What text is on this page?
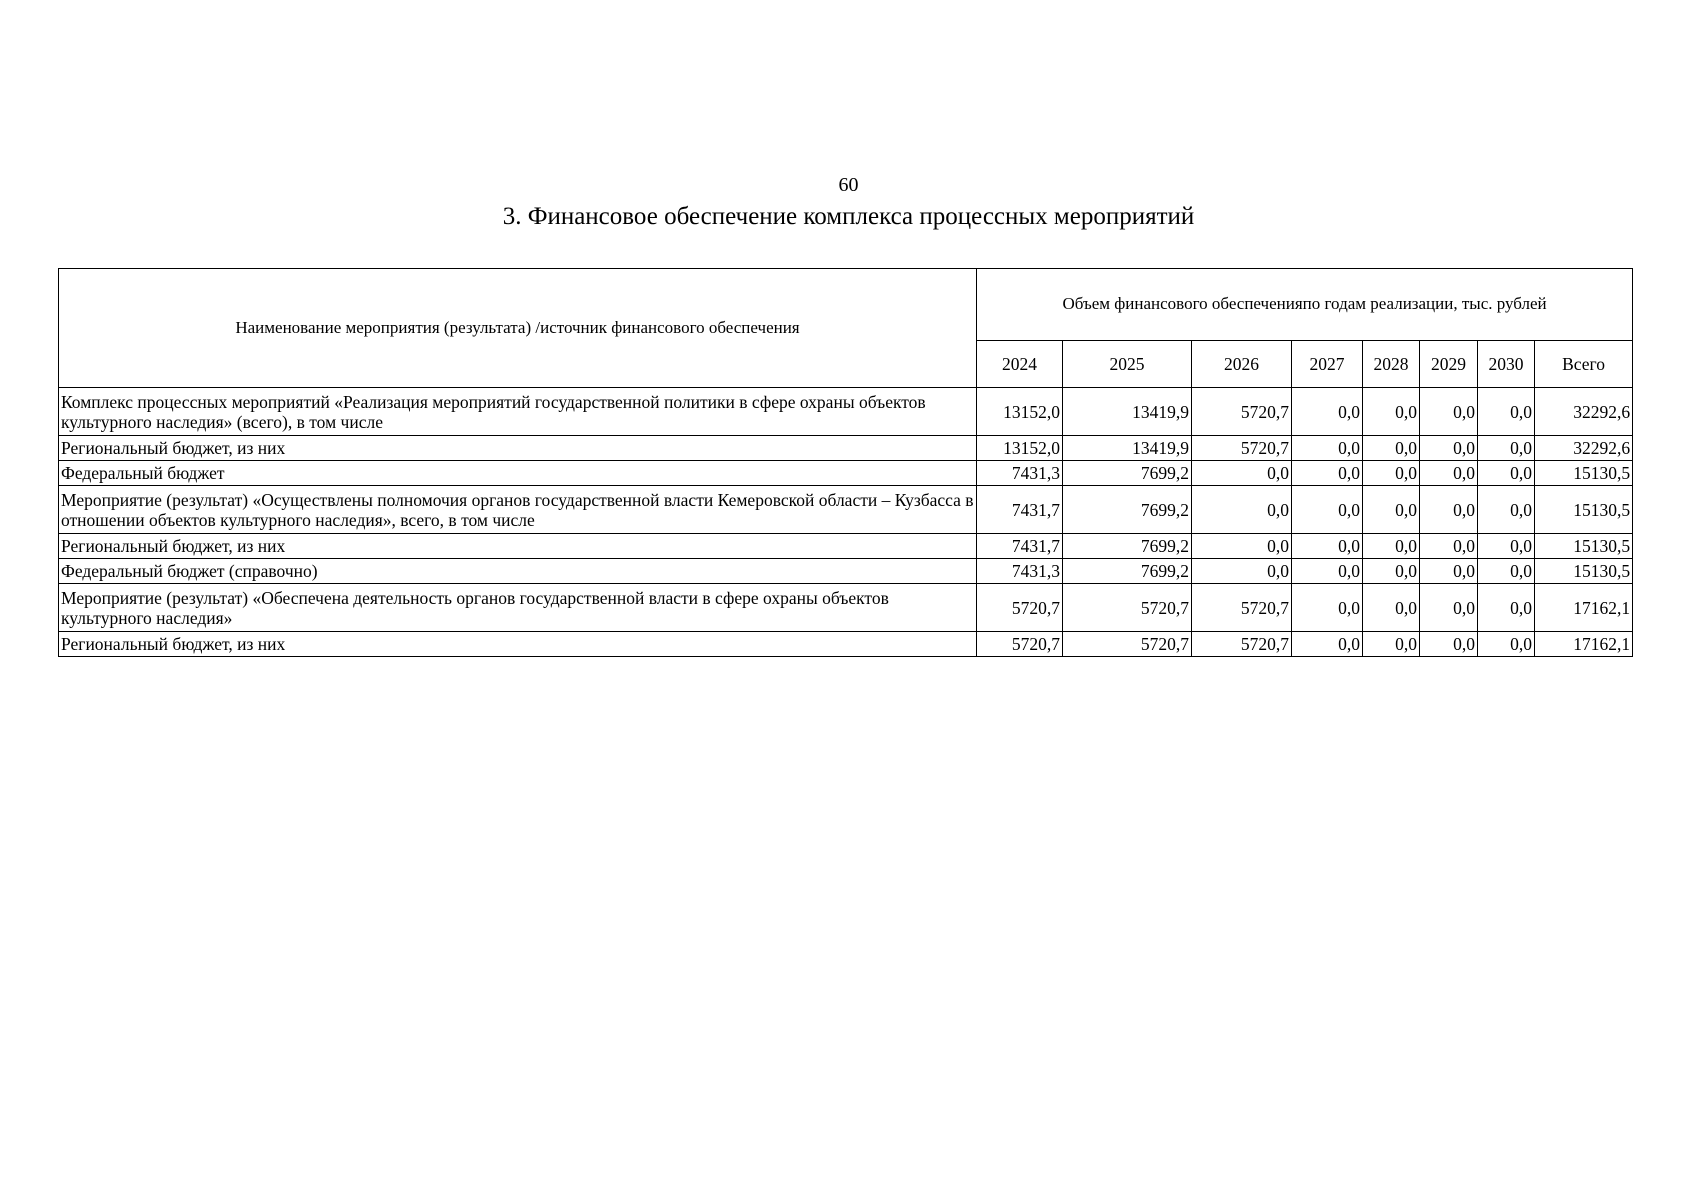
60
3. Финансовое обеспечение комплекса процессных мероприятий
Наименование мероприятия (результата) /источник финансового обеспечения	Объем финансового обеспеченияпо годам реализации, тыс. рублей							
	2024	2025	2026	2027	2028	2029	2030	Всего
Комплекс процессных мероприятий «Реализация мероприятий государственной политики в сфере охраны объектов культурного наследия» (всего), в том числе	13152,0	13419,9	5720,7	0,0	0,0	0,0	0,0	32292,6
Региональный бюджет, из них	13152,0	13419,9	5720,7	0,0	0,0	0,0	0,0	32292,6
Федеральный бюджет	7431,3	7699,2	0,0	0,0	0,0	0,0	0,0	15130,5
Мероприятие (результат) «Осуществлены полномочия органов государственной власти Кемеровской области – Кузбасса в отношении объектов культурного наследия», всего, в том числе	7431,7	7699,2	0,0	0,0	0,0	0,0	0,0	15130,5
Региональный бюджет, из них	7431,7	7699,2	0,0	0,0	0,0	0,0	0,0	15130,5
Федеральный бюджет (справочно)	7431,3	7699,2	0,0	0,0	0,0	0,0	0,0	15130,5
Мероприятие (результат) «Обеспечена деятельность органов государственной власти в сфере охраны объектов культурного наследия»	5720,7	5720,7	5720,7	0,0	0,0	0,0	0,0	17162,1
Региональный бюджет, из них	5720,7	5720,7	5720,7	0,0	0,0	0,0	0,0	17162,1
